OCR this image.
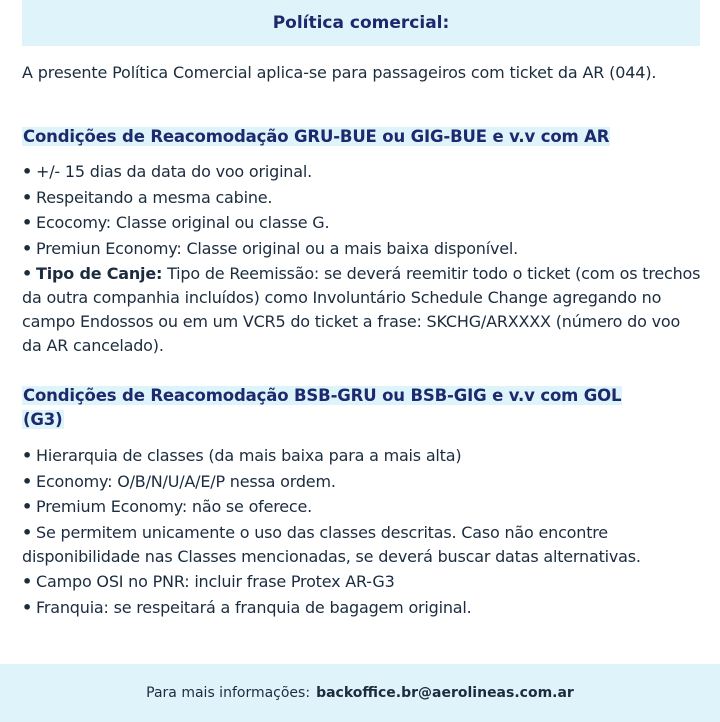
Política comercial:
A presente Política Comercial aplica-se para passageiros com ticket da AR (044).
Condições de Reacomodação GRU-BUE ou GIG-BUE e v.v com AR
• +/- 15 dias da data do voo original.
• Respeitando a mesma cabine.
• Ecocomy: Classe original ou classe G.
• Premiun Economy: Classe original ou a mais baixa disponível.
• Tipo de Canje: Tipo de Reemissão: se deverá reemitir todo o ticket (com os trechos da outra companhia incluídos) como Involuntário Schedule Change agregando no campo Endossos ou em um VCR5 do ticket a frase: SKCHG/ARXXXX (número do voo da AR cancelado).
Condições de Reacomodação BSB-GRU ou BSB-GIG e v.v com GOL
(G3)
• Hierarquia de classes (da mais baixa para a mais alta)
• Economy: O/B/N/U/A/E/P nessa ordem.
• Premium Economy: não se oferece.
• Se permitem unicamente o uso das classes descritas. Caso não encontre disponibilidade nas Classes mencionadas, se deverá buscar datas alternativas.
• Campo OSI no PNR: incluir frase Protex AR-G3
• Franquia: se respeitará a franquia de bagagem original.
Para mais informações: backoffice.br@aerolineas.com.ar
